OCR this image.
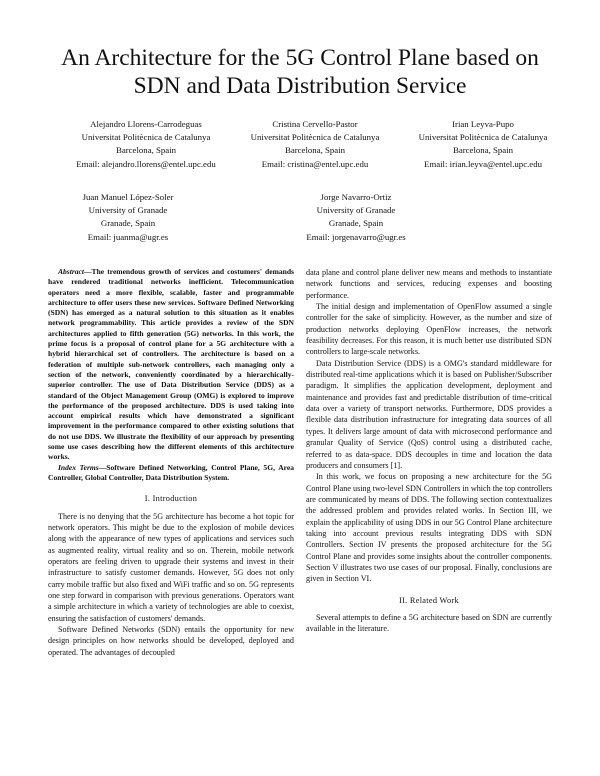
An Architecture for the 5G Control Plane based on SDN and Data Distribution Service
Alejandro Llorens-Carrodeguas
Universitat Politècnica de Catalunya
Barcelona, Spain
Email: alejandro.llorens@entel.upc.edu
Cristina Cervello-Pastor
Universitat Politècnica de Catalunya
Barcelona, Spain
Email: cristina@entel.upc.edu
Irian Leyva-Pupo
Universitat Politècnica de Catalunya
Barcelona, Spain
Email: irian.leyva@entel.upc.edu
Juan Manuel López-Soler
University of Granade
Granade, Spain
Email: juanma@ugr.es
Jorge Navarro-Ortiz
University of Granade
Granade, Spain
Email: jorgenavarro@ugr.es

Abstract—The tremendous growth of services and costumers' demands have rendered traditional networks inefficient. Telecommunication operators need a more flexible, scalable, faster and programmable architecture to offer users these new services. Software Defined Networking (SDN) has emerged as a natural solution to this situation as it enables network programmability. This article provides a review of the SDN architectures applied to fifth generation (5G) networks. In this work, the prime focus is a proposal of control plane for a 5G architecture with a hybrid hierarchical set of controllers. The architecture is based on a federation of multiple sub-network controllers, each managing only a section of the network, conveniently coordinated by a hierarchically-superior controller. The use of Data Distribution Service (DDS) as a standard of the Object Management Group (OMG) is explored to improve the performance of the proposed architecture. DDS is used taking into account empirical results which have demonstrated a significant improvement in the performance compared to other existing solutions that do not use DDS. We illustrate the flexibility of our approach by presenting some use cases describing how the different elements of this architecture works.

Index Terms—Software Defined Networking, Control Plane, 5G, Area Controller, Global Controller, Data Distribution System.

I. Introduction

There is no denying that the 5G architecture has become a hot topic for network operators. This might be due to the explosion of mobile devices along with the appearance of new types of applications and services such as augmented reality, virtual reality and so on. Therein, mobile network operators are feeling driven to upgrade their systems and invest in their infrastructure to satisfy customer demands. However, 5G does not only carry mobile traffic but also fixed and WiFi traffic and so on. 5G represents one step forward in comparison with previous generations. Operators want a simple architecture in which a variety of technologies are able to coexist, ensuring the satisfaction of customers' demands.

Software Defined Networks (SDN) entails the opportunity for new design principles on how networks should be developed, deployed and operated. The advantages of decoupled

data plane and control plane deliver new means and methods to instantiate network functions and services, reducing expenses and boosting performance.

The initial design and implementation of OpenFlow assumed a single controller for the sake of simplicity. However, as the number and size of production networks deploying OpenFlow increases, the network feasibility decreases. For this reason, it is much better use distributed SDN controllers to large-scale networks.

Data Distribution Service (DDS) is a OMG's standard middleware for distributed real-time applications which it is based on Publisher/Subscriber paradigm. It simplifies the application development, deployment and maintenance and provides fast and predictable distribution of time-critical data over a variety of transport networks. Furthermore, DDS provides a flexible data distribution infrastructure for integrating data sources of all types. It delivers large amount of data with microsecond performance and granular Quality of Service (QoS) control using a distributed cache, referred to as data-space. DDS decouples in time and location the data producers and consumers [1].

In this work, we focus on proposing a new architecture for the 5G Control Plane using two-level SDN Controllers in which the top controllers are communicated by means of DDS. The following section contextualizes the addressed problem and provides related works. In Section III, we explain the applicability of using DDS in our 5G Control Plane architecture taking into account previous results integrating DDS with SDN Controllers. Section IV presents the proposed architecture for the 5G Control Plane and provides some insights about the controller components. Section V illustrates two use cases of our proposal. Finally, conclusions are given in Section VI.

II. Related Work

Several attempts to define a 5G architecture based on SDN are currently available in the literature.
